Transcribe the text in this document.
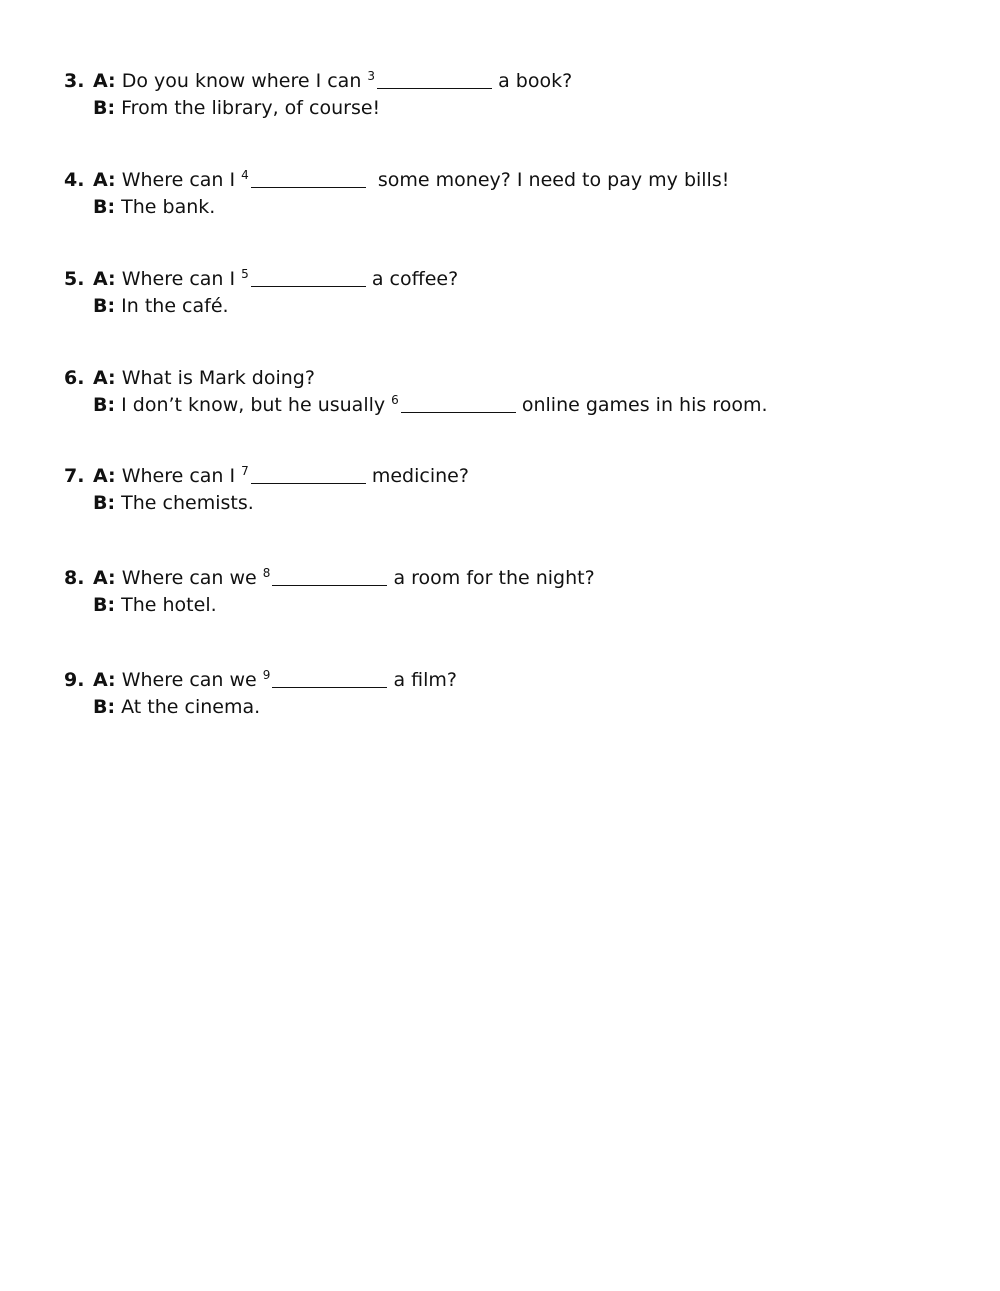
3. A: Do you know where I can $^3$	a book?
B: From the library, of course!
4. A: Where can I $^4$	some money? I need to pay my bills!
B: The bank.
5. A: Where can I $^5$	a coffee?
B: In the café.
6. A: What is Mark doing?
B: I don’t know, but he usually $^6$	online games in his room.
7. A: Where can I $^7$	medicine?
B: The chemists.
8. A: Where can we $^8$	a room for the night?
B: The hotel.
9. A: Where can we $^9$	a film?
B: At the cinema.
